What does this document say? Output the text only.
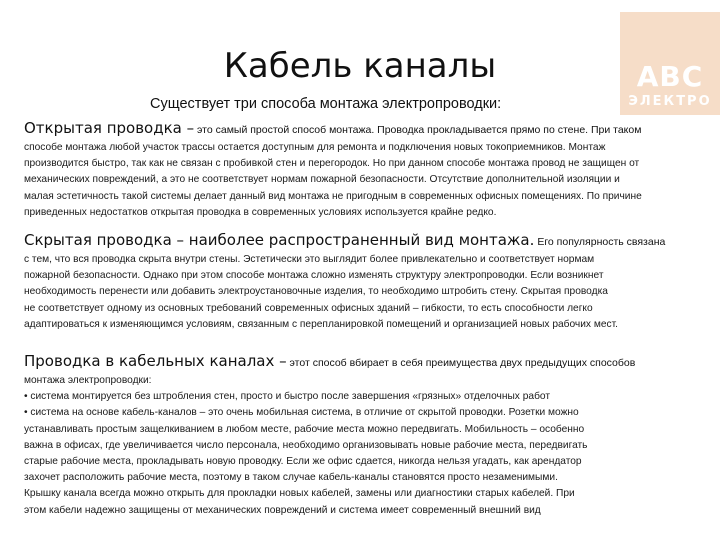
ABC
ЭЛЕКТРО
Кабель каналы
Существует три способа монтажа электропроводки:

Открытая проводка – это самый простой способ монтажа. Проводка прокладывается прямо по стене. При таком

способе монтажа любой участок трассы остается доступным для ремонта и подключения новых токоприемников. Монтаж

производится быстро, так как не связан с пробивкой стен и перегородок. Но при данном способе монтажа провод не защищен от

механических повреждений, а это не соответствует нормам пожарной безопасности. Отсутствие дополнительной изоляции и

малая эстетичность такой системы делает данный вид монтажа не пригодным в современных офисных помещениях. По причине

приведенных недостатков открытая проводка в современных условиях используется крайне редко.

Скрытая проводка – наиболее распространенный вид монтажа. Его популярность связана

с тем, что вся проводка скрыта внутри стены. Эстетически это выглядит более привлекательно и соответствует нормам

пожарной безопасности. Однако при этом способе монтажа сложно изменять структуру электропроводки. Если возникнет

необходимость перенести или добавить электроустановочные изделия, то необходимо штробить стену. Скрытая проводка

не соответствует одному из основных требований современных офисных зданий – гибкости, то есть способности легко

адаптироваться к изменяющимся условиям, связанным с перепланировкой помещений и организацией новых рабочих мест.

Проводка в кабельных каналах – этот способ вбирает в себя преимущества двух предыдущих способов

монтажа электропроводки:

• система монтируется без штробления стен, просто и быстро после завершения «грязных» отделочных работ

• система на основе кабель-каналов – это очень мобильная система, в отличие от скрытой проводки. Розетки можно

устанавливать простым защелкиванием в любом месте, рабочие места можно передвигать. Мобильность – особенно

важна в офисах, где увеличивается число персонала, необходимо организовывать новые рабочие места, передвигать

старые рабочие места, прокладывать новую проводку. Если же офис сдается, никогда нельзя угадать, как арендатор

захочет расположить рабочие места, поэтому в таком случае кабель-каналы становятся просто незаменимыми.

Крышку канала всегда можно открыть для прокладки новых кабелей, замены или диагностики старых кабелей. При

этом кабели надежно защищены от механических повреждений и система имеет современный внешний вид
